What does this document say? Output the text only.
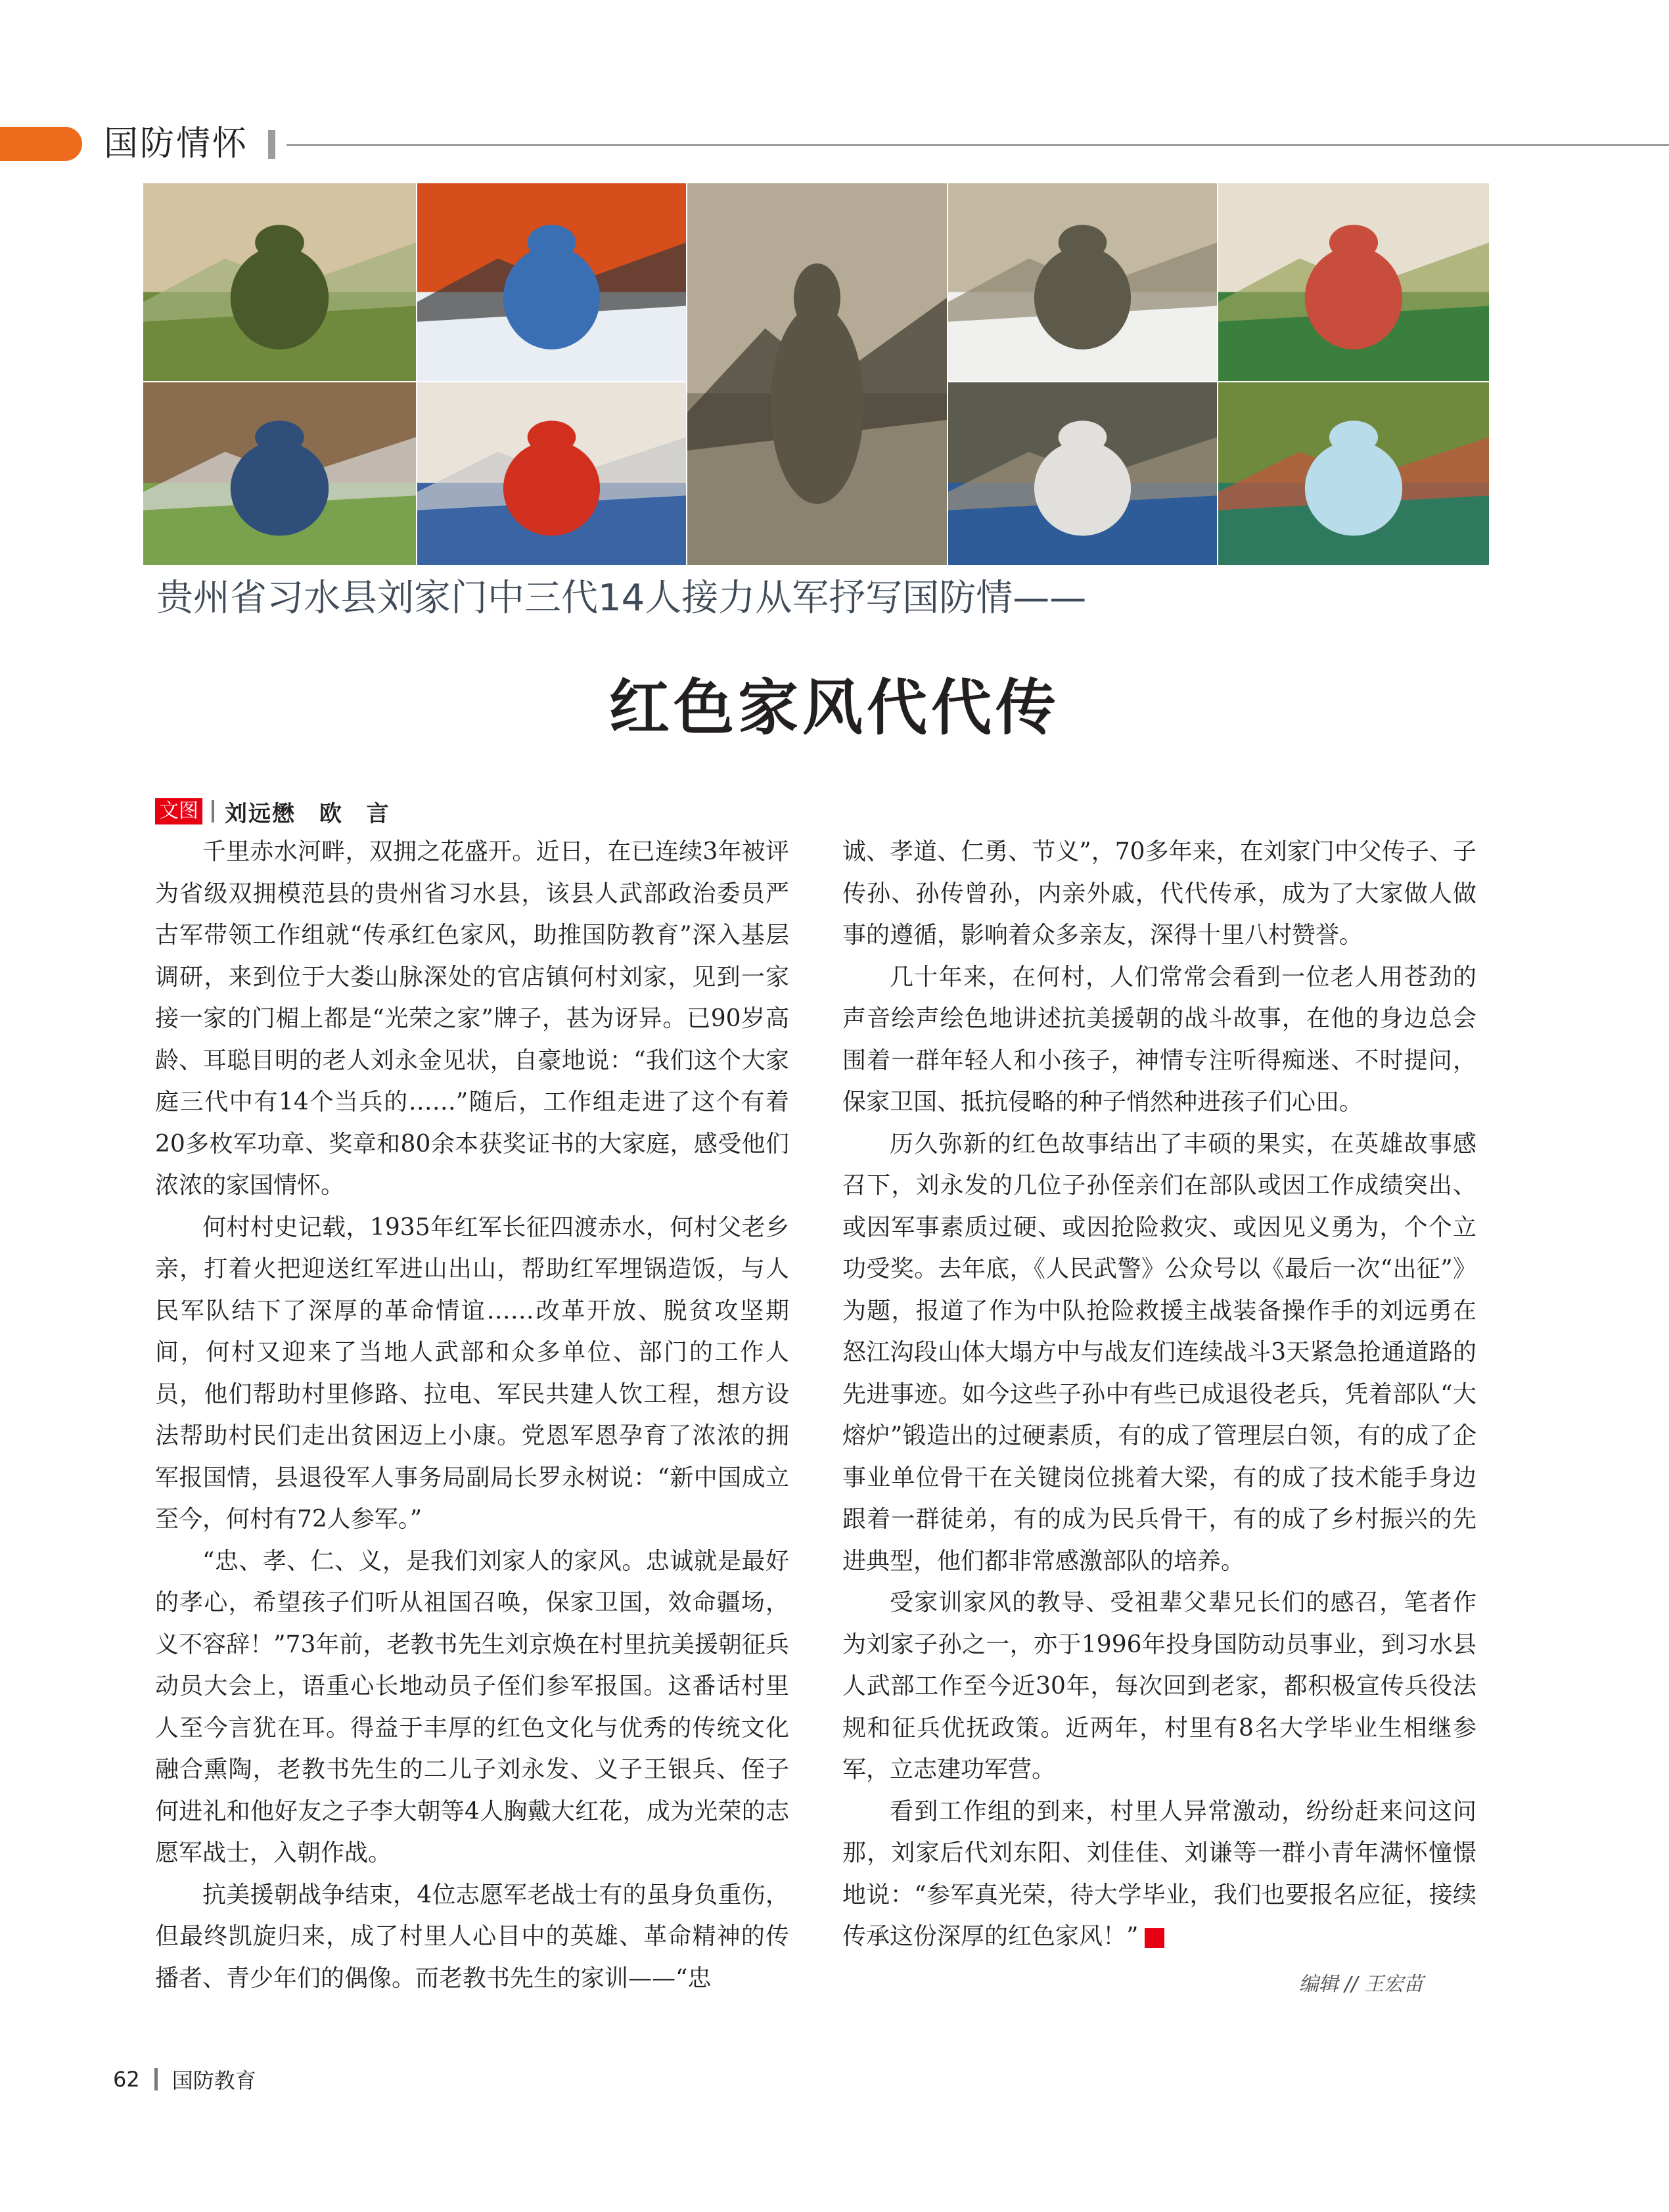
国防情怀
贵州省习水县刘家门中三代14人接力从军抒写国防情——
红色家风代代传
文图 刘远懋 欧 言

千里赤水河畔，双拥之花盛开。近日，在已连续3年被评为省级双拥模范县的贵州省习水县，该县人武部政治委员严古军带领工作组就“传承红色家风，助推国防教育”深入基层调研，来到位于大娄山脉深处的官店镇何村刘家，见到一家接一家的门楣上都是“光荣之家”牌子，甚为讶异。已90岁高龄、耳聪目明的老人刘永金见状，自豪地说：“我们这个大家庭三代中有14个当兵的……”随后，工作组走进了这个有着20多枚军功章、奖章和80余本获奖证书的大家庭，感受他们浓浓的家国情怀。

何村村史记载，1935年红军长征四渡赤水，何村父老乡亲，打着火把迎送红军进山出山，帮助红军埋锅造饭，与人民军队结下了深厚的革命情谊……改革开放、脱贫攻坚期间，何村又迎来了当地人武部和众多单位、部门的工作人员，他们帮助村里修路、拉电、军民共建人饮工程，想方设法帮助村民们走出贫困迈上小康。党恩军恩孕育了浓浓的拥军报国情，县退役军人事务局副局长罗永树说：“新中国成立至今，何村有72人参军。”

“忠、孝、仁、义，是我们刘家人的家风。忠诚就是最好的孝心，希望孩子们听从祖国召唤，保家卫国，效命疆场，义不容辞！”73年前，老教书先生刘京焕在村里抗美援朝征兵动员大会上，语重心长地动员子侄们参军报国。这番话村里人至今言犹在耳。得益于丰厚的红色文化与优秀的传统文化融合熏陶，老教书先生的二儿子刘永发、义子王银兵、侄子何进礼和他好友之子李大朝等4人胸戴大红花，成为光荣的志愿军战士，入朝作战。

抗美援朝战争结束，4位志愿军老战士有的虽身负重伤，但最终凯旋归来，成了村里人心目中的英雄、革命精神的传播者、青少年们的偶像。而老教书先生的家训——“忠

诚、孝道、仁勇、节义”，70多年来，在刘家门中父传子、子传孙、孙传曾孙，内亲外戚，代代传承，成为了大家做人做事的遵循，影响着众多亲友，深得十里八村赞誉。

几十年来，在何村，人们常常会看到一位老人用苍劲的声音绘声绘色地讲述抗美援朝的战斗故事，在他的身边总会围着一群年轻人和小孩子，神情专注听得痴迷、不时提问，保家卫国、抵抗侵略的种子悄然种进孩子们心田。

历久弥新的红色故事结出了丰硕的果实，在英雄故事感召下，刘永发的几位子孙侄亲们在部队或因工作成绩突出、或因军事素质过硬、或因抢险救灾、或因见义勇为，个个立功受奖。去年底，《人民武警》公众号以《最后一次“出征”》为题，报道了作为中队抢险救援主战装备操作手的刘远勇在怒江沟段山体大塌方中与战友们连续战斗3天紧急抢通道路的先进事迹。如今这些子孙中有些已成退役老兵，凭着部队“大熔炉”锻造出的过硬素质，有的成了管理层白领，有的成了企事业单位骨干在关键岗位挑着大梁，有的成了技术能手身边跟着一群徒弟，有的成为民兵骨干，有的成了乡村振兴的先进典型，他们都非常感激部队的培养。

受家训家风的教导、受祖辈父辈兄长们的感召，笔者作为刘家子孙之一，亦于1996年投身国防动员事业，到习水县人武部工作至今近30年，每次回到老家，都积极宣传兵役法规和征兵优抚政策。近两年，村里有8名大学毕业生相继参军，立志建功军营。

看到工作组的到来，村里人异常激动，纷纷赶来问这问那，刘家后代刘东阳、刘佳佳、刘谦等一群小青年满怀憧憬地说：“参军真光荣，待大学毕业，我们也要报名应征，接续传承这份深厚的红色家风！”	G

编辑 // 王宏苗
62 国防教育
